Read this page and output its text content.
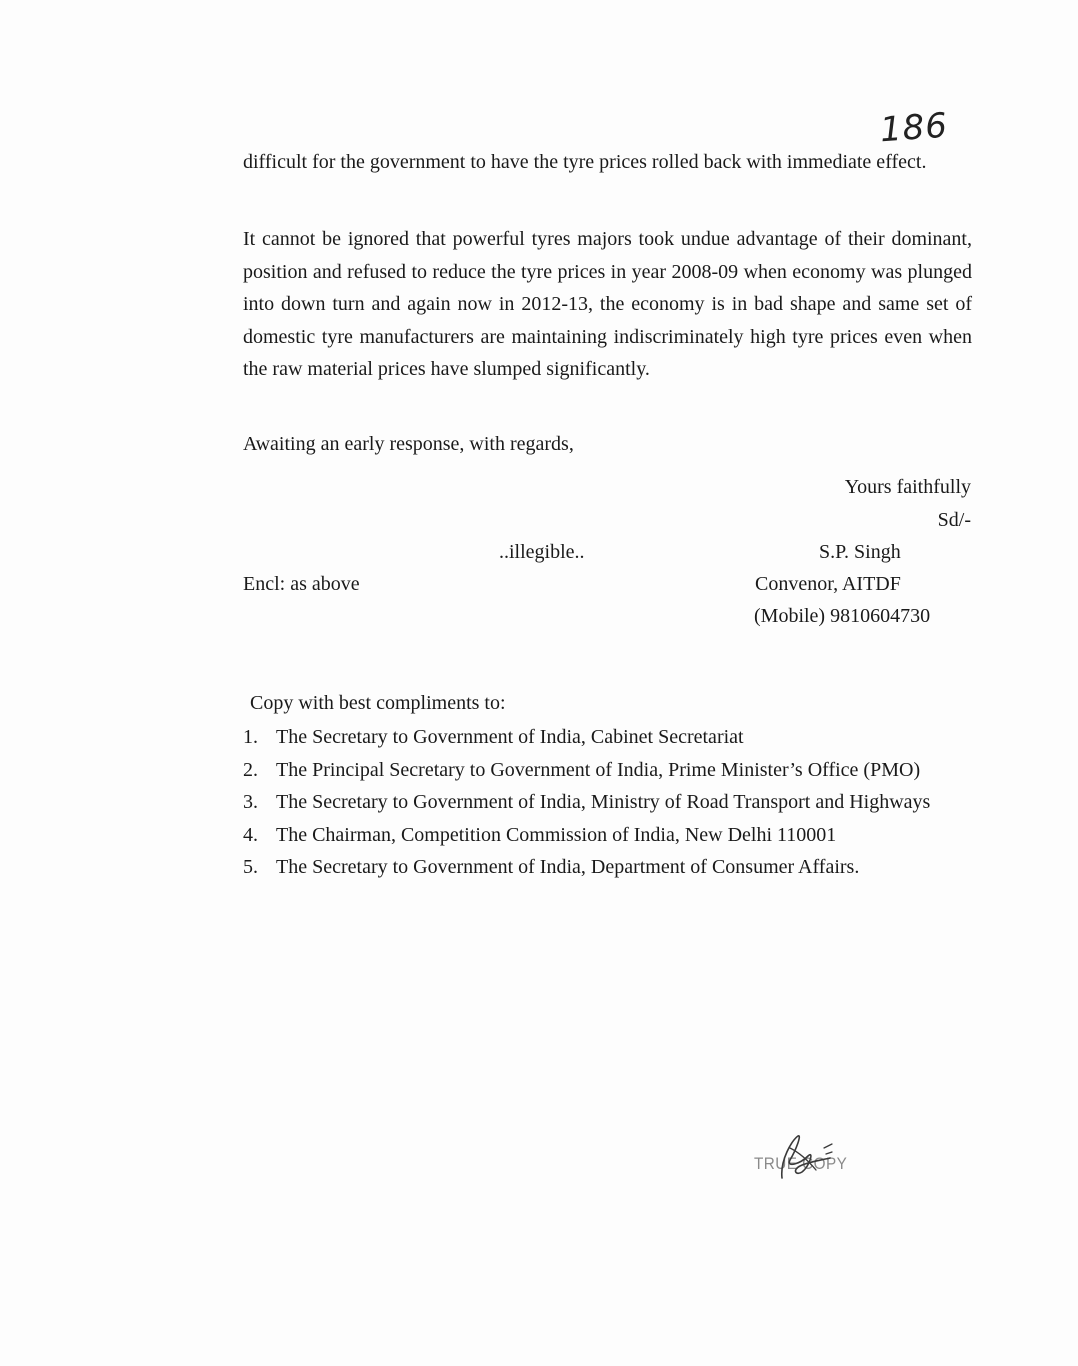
186

difficult for the government to have the tyre prices rolled back with immediate effect.

It cannot be ignored that powerful tyres majors took undue advantage of their dominant, position and refused to reduce the tyre prices in year 2008-09 when economy was plunged into down turn and again now in 2012-13, the economy is in bad shape and same set of domestic tyre manufacturers are maintaining indiscriminately high tyre prices even when the raw material prices have slumped significantly.

Awaiting an early response, with regards,

Yours faithfully
Sd/-
..illegible..	S.P. Singh
Encl: as above	Convenor, AITDF
(Mobile) 9810604730

Copy with best compliments to:

1. The Secretary to Government of India, Cabinet Secretariat
2. The Principal Secretary to Government of India, Prime Minister’s Office (PMO)
3. The Secretary to Government of India, Ministry of Road Transport and Highways
4. The Chairman, Competition Commission of India, New Delhi 110001
5. The Secretary to Government of India, Department of Consumer Affairs.
TRUE COPY
